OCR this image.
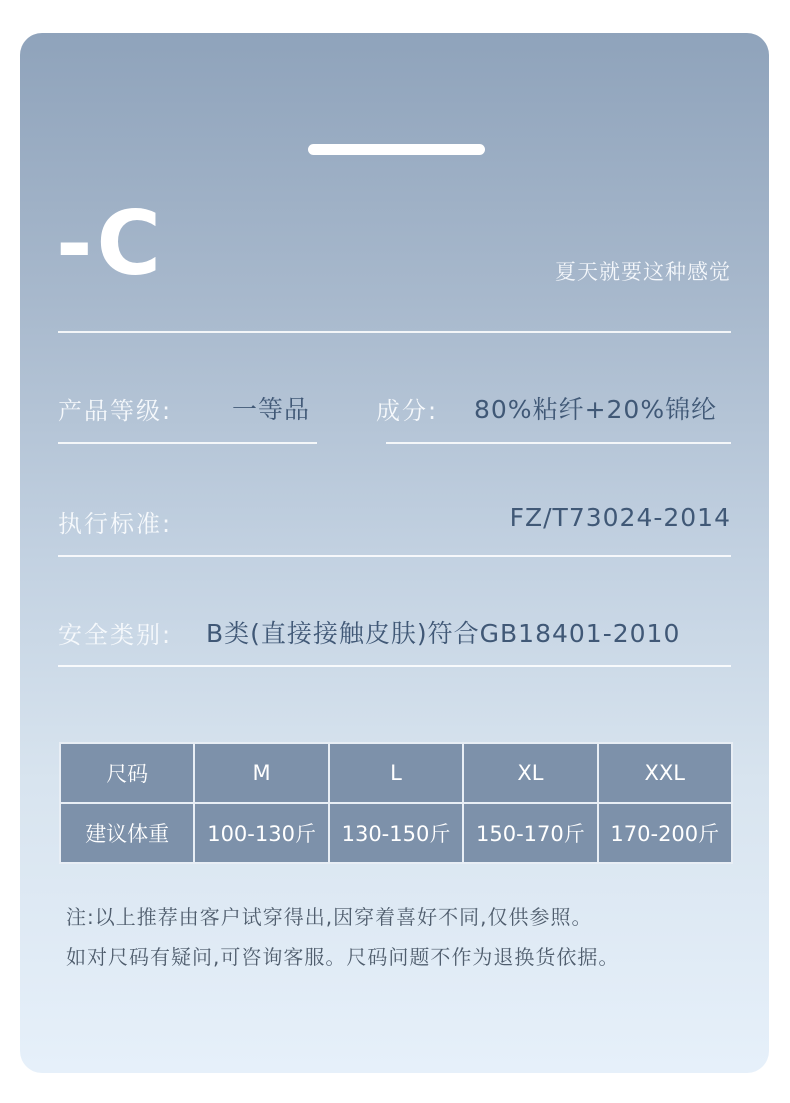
-C	夏天就要这种感觉
产品等级: 一等品	成分: 80%粘纤+20%锦纶
执行标准:	FZ/T73024-2014
安全类别: B类(直接接触皮肤)符合GB18401-2010
尺码	M	L	XL	XXL
建议体重	100-130斤	130-150斤	150-170斤	170-200斤
注:以上推荐由客户试穿得出,因穿着喜好不同,仅供参照。
如对尺码有疑问,可咨询客服。尺码问题不作为退换货依据。
